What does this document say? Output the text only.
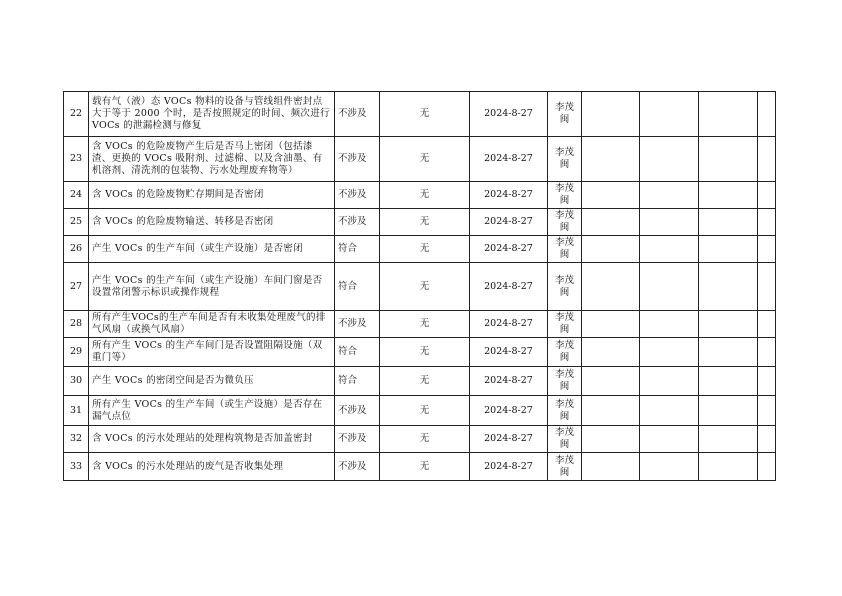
22	载有气（液）态 VOCs 物料的设备与管线组件密封点大于等于 2000 个时，是否按照规定的时间、频次进行 VOCs 的泄漏检测与修复	不涉及	无	2024-8-27	李茂闽				
23	含 VOCs 的危险废物产生后是否马上密闭（包括漆渣、更换的 VOCs 吸附剂、过滤棉、以及含油墨、有机溶剂、清洗剂的包装物、污水处理废弃物等）	不涉及	无	2024-8-27	李茂闽				
24	含 VOCs 的危险废物贮存期间是否密闭	不涉及	无	2024-8-27	李茂闽				
25	含 VOCs 的危险废物输送、转移是否密闭	不涉及	无	2024-8-27	李茂闽				
26	产生 VOCs 的生产车间（或生产设施）是否密闭	符合	无	2024-8-27	李茂闽				
27	产生 VOCs 的生产车间（或生产设施）车间门窗是否设置常闭警示标识或操作规程	符合	无	2024-8-27	李茂闽				
28	所有产生VOCs的生产车间是否有未收集处理废气的排气风扇（或换气风扇）	不涉及	无	2024-8-27	李茂闽				
29	所有产生 VOCs 的生产车间门是否设置阻隔设施（双重门等）	符合	无	2024-8-27	李茂闽				
30	产生 VOCs 的密闭空间是否为微负压	符合	无	2024-8-27	李茂闽				
31	所有产生 VOCs 的生产车间（或生产设施）是否存在漏气点位	不涉及	无	2024-8-27	李茂闽				
32	含 VOCs 的污水处理站的处理构筑物是否加盖密封	不涉及	无	2024-8-27	李茂闽				
33	含 VOCs 的污水处理站的废气是否收集处理	不涉及	无	2024-8-27	李茂闽				
